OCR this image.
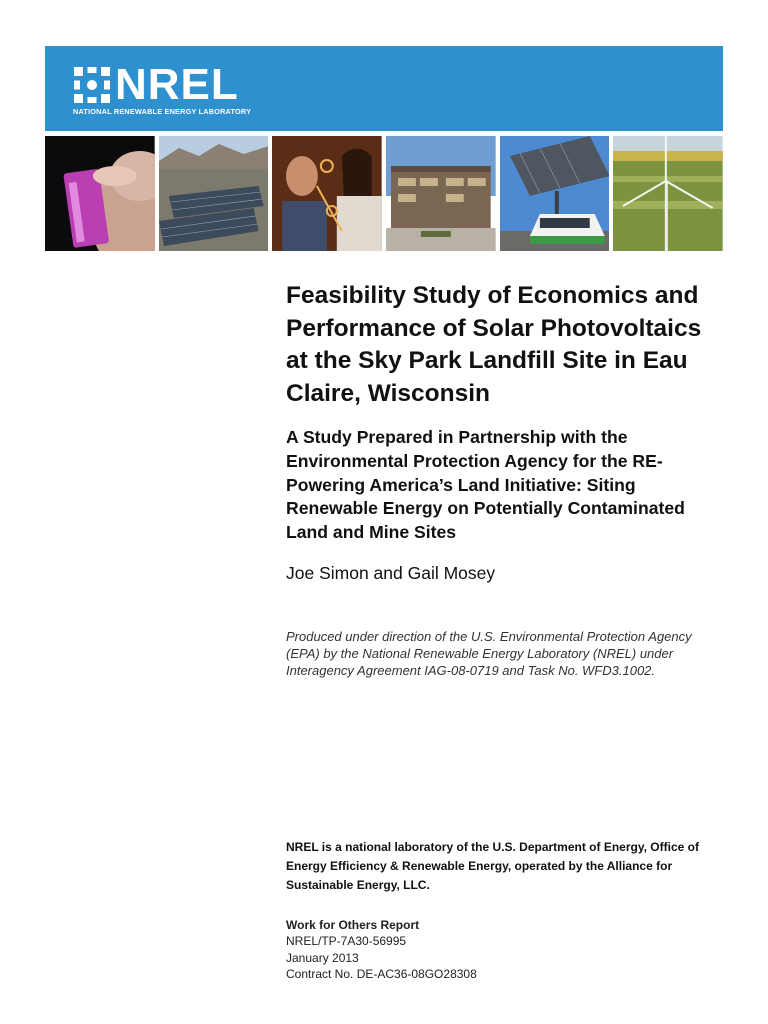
NREL
NATIONAL RENEWABLE ENERGY LABORATORY
Feasibility Study of Economics and Performance of Solar Photovoltaics at the Sky Park Landfill Site in Eau Claire, Wisconsin
A Study Prepared in Partnership with the Environmental Protection Agency for the RE-Powering America’s Land Initiative: Siting Renewable Energy on Potentially Contaminated Land and Mine Sites
Joe Simon and Gail Mosey
Produced under direction of the U.S. Environmental Protection Agency (EPA) by the National Renewable Energy Laboratory (NREL) under Interagency Agreement IAG-08-0719 and Task No. WFD3.1002.
NREL is a national laboratory of the U.S. Department of Energy, Office of Energy Efficiency & Renewable Energy, operated by the Alliance for Sustainable Energy, LLC.
Work for Others Report
NREL/TP-7A30-56995
January 2013
Contract No. DE-AC36-08GO28308
